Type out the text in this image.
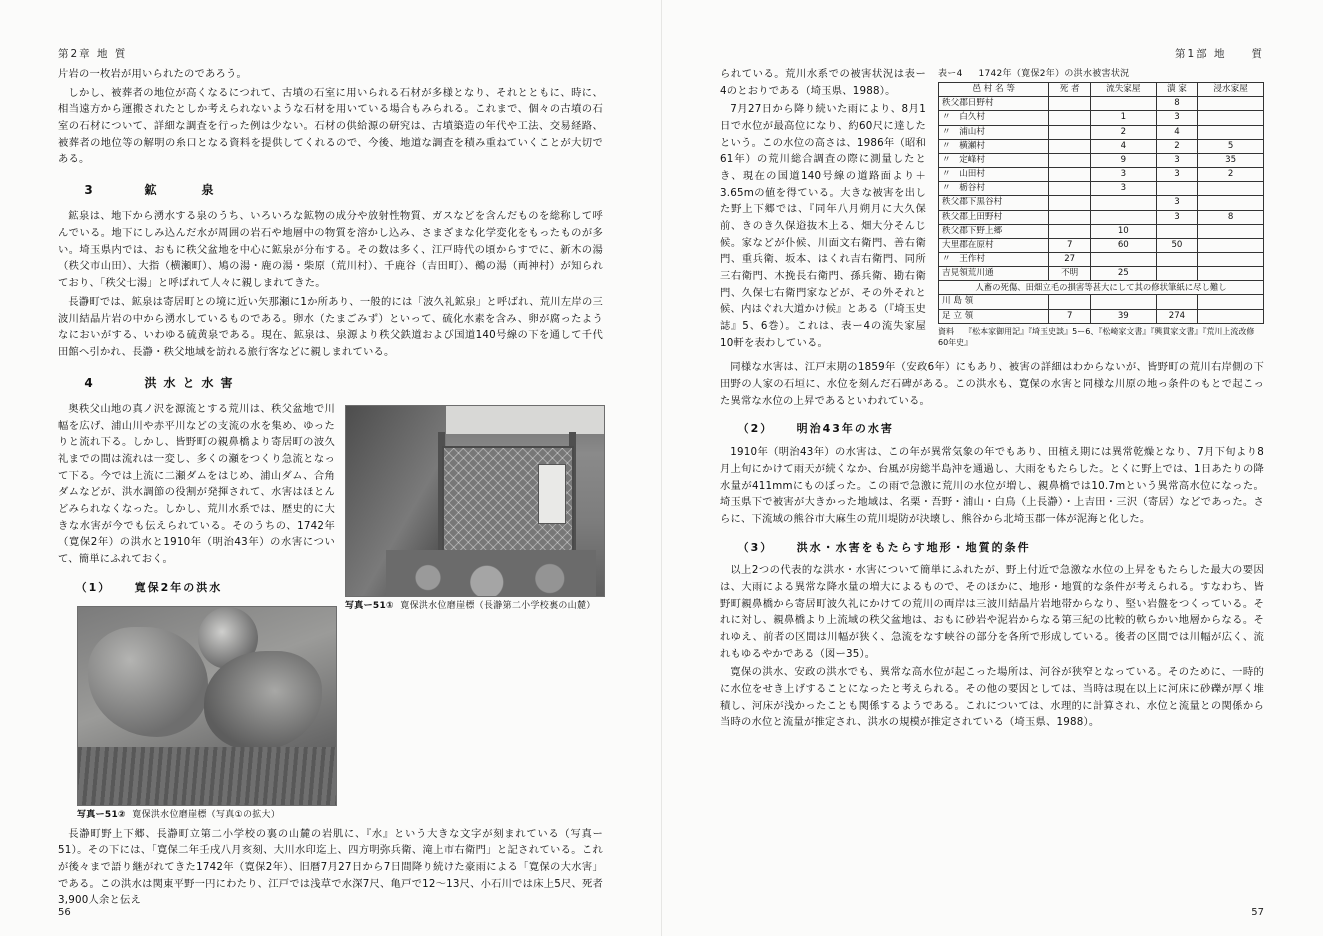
第2章 地 質

片岩の一枚岩が用いられたのであろう。

しかし、被葬者の地位が高くなるにつれて、古墳の石室に用いられる石材が多様となり、それとともに、時に、相当遠方から運搬されたとしか考えられないような石材を用いている場合もみられる。これまで、個々の古墳の石室の石材について、詳細な調査を行った例は少ない。石材の供給源の研究は、古墳築造の年代や工法、交易経路、被葬者の地位等の解明の糸口となる資料を提供してくれるので、今後、地道な調査を積み重ねていくことが大切である。

3	鉱　　泉

鉱泉は、地下から湧水する泉のうち、いろいろな鉱物の成分や放射性物質、ガスなどを含んだものを総称して呼んでいる。地下にしみ込んだ水が周囲の岩石や地層中の物質を溶かし込み、さまざまな化学変化をもったものが多い。埼玉県内では、おもに秩父盆地を中心に鉱泉が分布する。その数は多く、江戸時代の頃からすでに、新木の湯（秩父市山田）、大指（横瀬町）、鳩の湯・鹿の湯・柴原（荒川村）、千鹿谷（吉田町）、鵺の湯（両神村）が知られており、「秩父七湯」と呼ばれて人々に親しまれてきた。

長瀞町では、鉱泉は寄居町との境に近い矢那瀬に1か所あり、一般的には「波久礼鉱泉」と呼ばれ、荒川左岸の三波川結晶片岩の中から湧水しているものである。卵水（たまごみず）といって、硫化水素を含み、卵が腐ったようなにおいがする、いわゆる硫黄泉である。現在、鉱泉は、泉源より秩父鉄道および国道140号線の下を通して千代田館へ引かれ、長瀞・秩父地域を訪れる旅行客などに親しまれている。

4	洪水と水害
写真ー51① 寛保洪水位磨崖標（長瀞第二小学校裏の山麓）

奥秩父山地の真ノ沢を源流とする荒川は、秩父盆地で川幅を広げ、浦山川や赤平川などの支流の水を集め、ゆったりと流れ下る。しかし、皆野町の親鼻橋より寄居町の波久礼までの間は流れは一変し、多くの瀬をつくり急流となって下る。今では上流に二瀬ダムをはじめ、浦山ダム、合角ダムなどが、洪水調節の役割が発揮されて、水害はほとんどみられなくなった。しかし、荒川水系では、歴史的に大きな水害が今でも伝えられている。そのうちの、1742年（寛保2年）の洪水と1910年（明治43年）の水害について、簡単にふれておく。

（1） 寛保2年の洪水
写真ー51② 寛保洪水位磨崖標（写真①の拡大）

長瀞町野上下郷、長瀞町立第二小学校の裏の山麓の岩肌に、『水』という大きな文字が刻まれている（写真ー51）。その下には、「寛保二年壬戌八月亥刻、大川水印迄上、四方明弥兵衛、滝上市右衛門」と記されている。これが後々まで語り継がれてきた1742年（寛保2年）、旧暦7月27日から7日間降り続けた豪雨による「寛保の大水害」である。この洪水は関東平野一円にわたり、江戸では浅草で水深7尺、亀戸で12～13尺、小石川では床上5尺、死者3,900人余と伝え

56
第1部 地　　質

られている。荒川水系での被害状況は表ー4のとおりである（埼玉県、1988）。

7月27日から降り続いた雨により、8月1日で水位が最高位になり、約60尺に達したという。この水位の高さは、1986年（昭和61年）の荒川総合調査の際に測量したとき、現在の国道140号線の道路面より＋3.65mの値を得ている。大きな被害を出した野上下郷では、『同年八月朔月に大久保前、きのき久保逧抜木上る、畑大分そんじ候。家などが仆候、川面文右衛門、善右衛門、重兵衛、坂本、はくれ吉右衛門、同所三右衛門、木挽長右衛門、孫兵衛、勘右衛門、久保七右衛門家などが、その外それと候、内はぐれ大道かけ候』とある（『埼玉史誌』5、6巻）。これは、表ー4の流失家屋10軒を表わしている。

表ー4 1742年（寛保2年）の洪水被害状況
邑 村 名 等	死 者	流失家屋	潰 家	浸水家屋
秩父郡日野村			8	
〃　白久村		1	3	
〃　浦山村		2	4	
〃　横瀬村		4	2	5
〃　定峰村		9	3	35
〃　山田村		3	3	2
〃　栃谷村		3		
秩父郡下黒谷村			3	
秩父郡上田野村			3	8
秩父郡下野上郷		10		
大里郡在原村	7	60	50	
〃　王作村	27			
吉見領荒川通	不明	25		
人畜の死傷、田畑立毛の損害等甚大にして其の修状筆紙に尽し難し				
川 島 領				
足 立 領	7	39	274	
資料 『松本家御用記』『埼玉史談』5ー6、『松崎家文書』『興貫家文書』『荒川上流改修60年史』

同様な水害は、江戸末期の1859年（安政6年）にもあり、被害の詳細はわからないが、皆野町の荒川右岸側の下田野の人家の石垣に、水位を刻んだ石碑がある。この洪水も、寛保の水害と同様な川原の地っ条件のもとで起こった異常な水位の上昇であるといわれている。

（2） 明治43年の水害

1910年（明治43年）の水害は、この年が異常気象の年でもあり、田植え期には異常乾燥となり、7月下旬より8月上旬にかけて雨天が続くなか、台風が房総半島沖を通過し、大雨をもたらした。とくに野上では、1日あたりの降水量が411mmにものぼった。この雨で急激に荒川の水位が増し、親鼻橋では10.7mという異常高水位になった。埼玉県下で被害が大きかった地域は、名栗・吾野・浦山・白鳥（上長瀞）・上吉田・三沢（寄居）などであった。さらに、下流域の熊谷市大麻生の荒川堤防が決壊し、熊谷から北埼玉郡一体が泥海と化した。

（3） 洪水・水害をもたらす地形・地質的条件

以上2つの代表的な洪水・水害について簡単にふれたが、野上付近で急激な水位の上昇をもたらした最大の要因は、大雨による異常な降水量の増大によるもので、そのほかに、地形・地質的な条件が考えられる。すなわち、皆野町親鼻橋から寄居町波久礼にかけての荒川の両岸は三波川結晶片岩地帯からなり、堅い岩盤をつくっている。それに対し、親鼻橋より上流域の秩父盆地は、おもに砂岩や泥岩からなる第三紀の比較的軟らかい地層からなる。それゆえ、前者の区間は川幅が狭く、急流をなす峡谷の部分を各所で形成している。後者の区間では川幅が広く、流れもゆるやかである（図ー35）。

寛保の洪水、安政の洪水でも、異常な高水位が起こった場所は、河谷が狭窄となっている。そのために、一時的に水位をせき上げすることになったと考えられる。その他の要因としては、当時は現在以上に河床に砂礫が厚く堆積し、河床が浅かったことも関係するようである。これについては、水理的に計算され、水位と流量との関係から当時の水位と流量が推定され、洪水の規模が推定されている（埼玉県、1988）。

57
